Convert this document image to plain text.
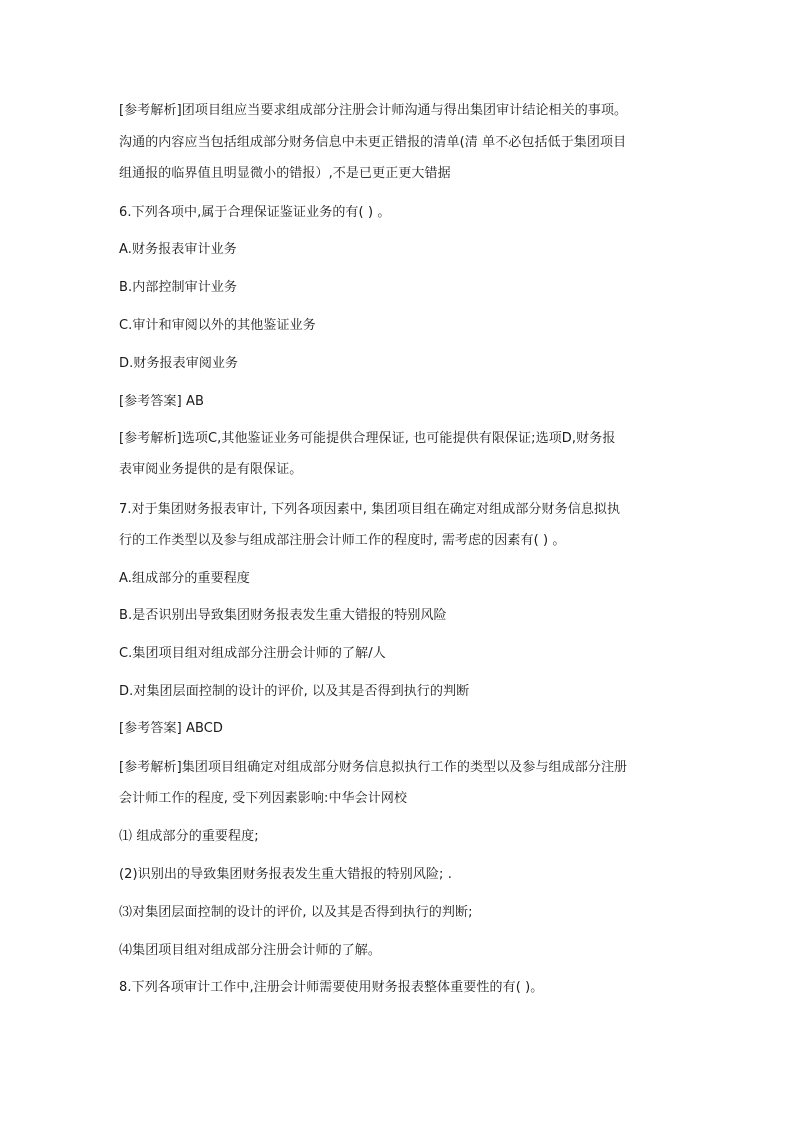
[参考解析]团项目组应当要求组成部分注册会计师沟通与得出集团审计结论相关的事项。
沟通的内容应当包括组成部分财务信息中未更正错报的清单(清 单不必包括低于集团项目
组通报的临界值且明显微小的错报）,不是已更正更大错据
6.下列各项中,属于合理保证鉴证业务的有( ) 。
A.财务报表审计业务
B.内部控制审计业务
C.审计和审阅以外的其他鉴证业务
D.财务报表审阅业务
[参考答案] AB
[参考解析]选项C,其他鉴证业务可能提供合理保证, 也可能提供有限保证;选项D,财务报
表审阅业务提供的是有限保证。
7.对于集团财务报表审计, 下列各项因素中, 集团项目组在确定对组成部分财务信息拟执
行的工作类型以及参与组成部注册会计师工作的程度时, 需考虑的因素有( ) 。
A.组成部分的重要程度
B.是否识别出导致集团财务报表发生重大错报的特别风险
C.集团项目组对组成部分注册会计师的了解/人
D.对集团层面控制的设计的评价, 以及其是否得到执行的判断
[参考答案] ABCD
[参考解析]集团项目组确定对组成部分财务信息拟执行工作的类型以及参与组成部分注册
会计师工作的程度, 受下列因素影响:中华会计网校
⑴ 组成部分的重要程度;
(2)识别出的导致集团财务报表发生重大错报的特别风险; .
⑶对集团层面控制的设计的评价, 以及其是否得到执行的判断;
⑷集团项目组对组成部分注册会计师的了解。
8.下列各项审计工作中,注册会计师需要使用财务报表整体重要性的有( )。
